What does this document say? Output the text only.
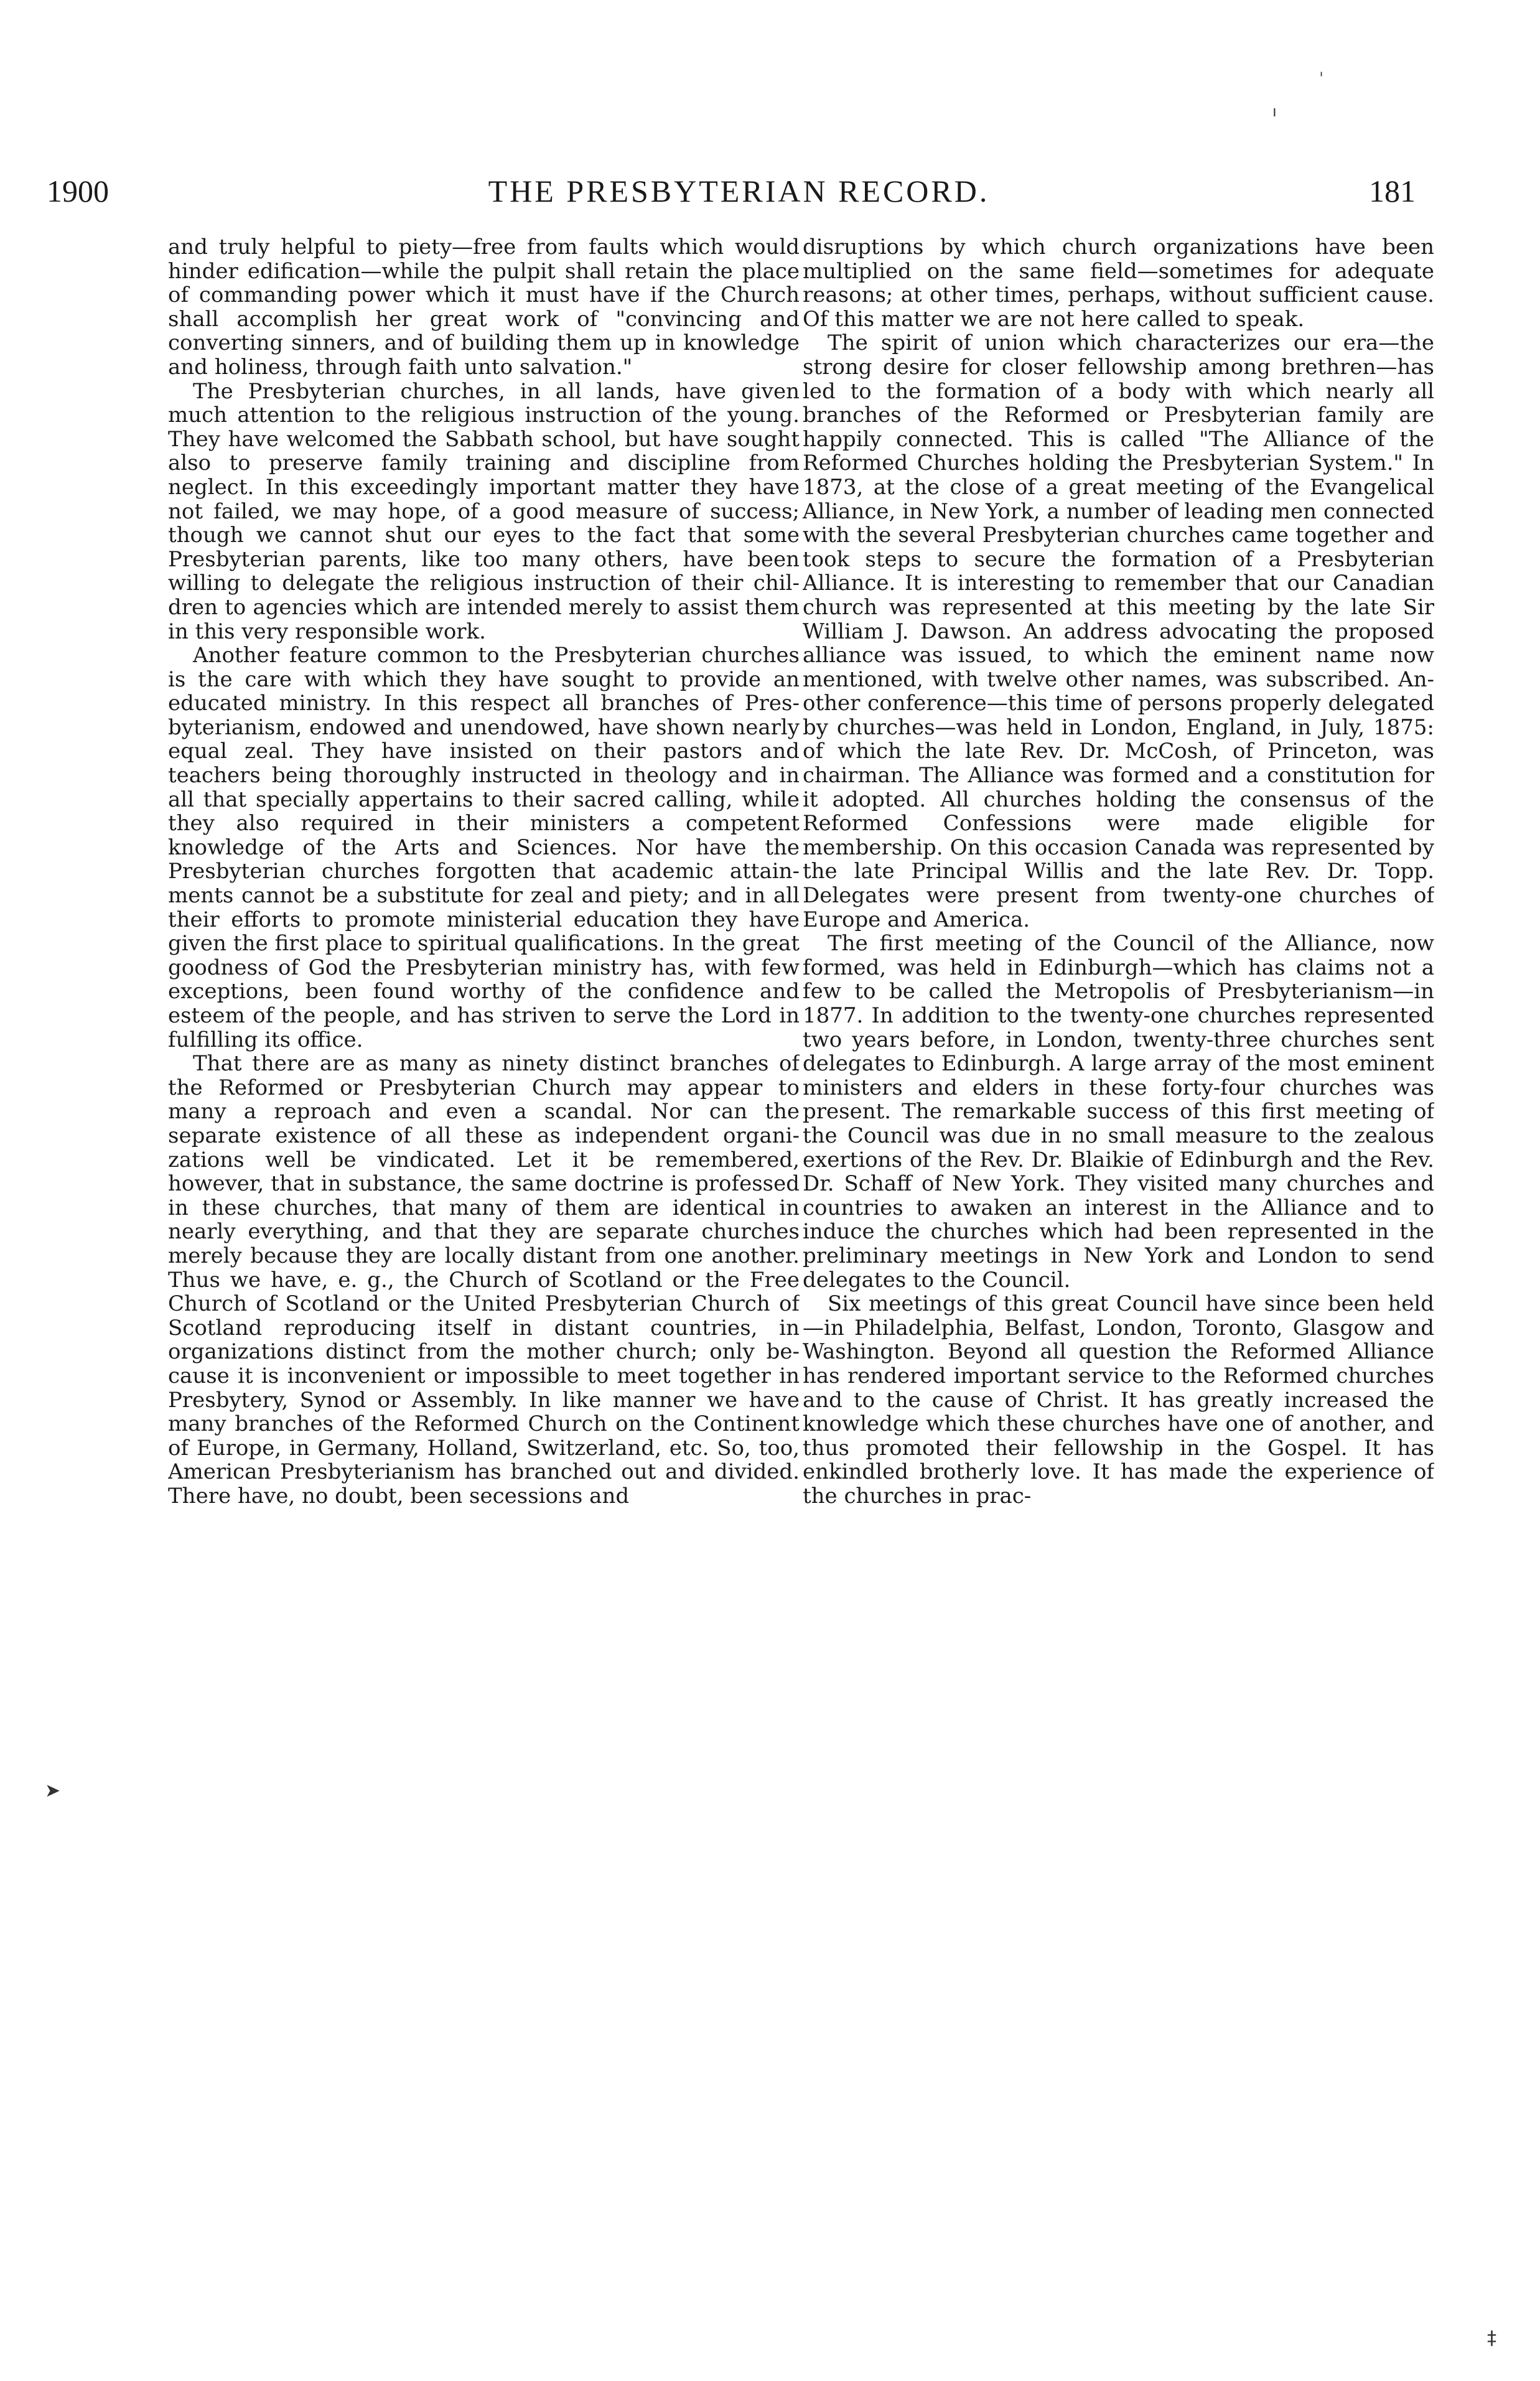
1900	THE PRESBYTERIAN RECORD.	181

and truly helpful to piety—free from faults which would hinder edification—while the pulpit shall retain the place of commanding power which it must have if the Church shall accomplish her great work of "convincing and converting sinners, and of building them up in knowledge and holiness, through faith unto salvation."

The Presbyterian churches, in all lands, have given much attention to the religious instruction of the young. They have welcomed the Sabbath school, but have sought also to preserve family training and discipline from neglect. In this exceedingly important matter they have not failed, we may hope, of a good measure of success; though we cannot shut our eyes to the fact that some Presbyterian parents, like too many others, have been willing to delegate the religious instruction of their children to agencies which are intended merely to assist them in this very responsible work.

Another feature common to the Presbyterian churches is the care with which they have sought to provide an educated ministry. In this respect all branches of Presbyterianism, endowed and unendowed, have shown nearly equal zeal. They have insisted on their pastors and teachers being thoroughly instructed in theology and in all that specially appertains to their sacred calling, while they also required in their ministers a competent knowledge of the Arts and Sciences. Nor have the Presbyterian churches forgotten that academic attainments cannot be a substitute for zeal and piety; and in all their efforts to promote ministerial education they have given the first place to spiritual qualifications. In the great goodness of God the Presbyterian ministry has, with few exceptions, been found worthy of the confidence and esteem of the people, and has striven to serve the Lord in fulfilling its office.

That there are as many as ninety distinct branches of the Reformed or Presbyterian Church may appear to many a reproach and even a scandal. Nor can the separate existence of all these as independent organizations well be vindicated. Let it be remembered, however, that in substance, the same doctrine is professed in these churches, that many of them are identical in nearly everything, and that they are separate churches merely because they are locally distant from one another. Thus we have, e. g., the Church of Scotland or the Free Church of Scotland or the United Presbyterian Church of Scotland reproducing itself in distant countries, in organizations distinct from the mother church; only because it is inconvenient or impossible to meet together in Presbytery, Synod or Assembly. In like manner we have many branches of the Reformed Church on the Continent of Europe, in Germany, Holland, Switzerland, etc. So, too, American Presbyterianism has branched out and divided. There have, no doubt, been secessions and

disruptions by which church organizations have been multiplied on the same field—sometimes for adequate reasons; at other times, perhaps, without sufficient cause. Of this matter we are not here called to speak.

The spirit of union which characterizes our era—the strong desire for closer fellowship among brethren—has led to the formation of a body with which nearly all branches of the Reformed or Presbyterian family are happily connected. This is called "The Alliance of the Reformed Churches holding the Presbyterian System." In 1873, at the close of a great meeting of the Evangelical Alliance, in New York, a number of leading men connected with the several Presbyterian churches came together and took steps to secure the formation of a Presbyterian Alliance. It is interesting to remember that our Canadian church was represented at this meeting by the late Sir William J. Dawson. An address advocating the proposed alliance was issued, to which the eminent name now mentioned, with twelve other names, was subscribed. Another conference—this time of persons properly delegated by churches—was held in London, England, in July, 1875: of which the late Rev. Dr. McCosh, of Princeton, was chairman. The Alliance was formed and a constitution for it adopted. All churches holding the consensus of the Reformed Confessions were made eligible for membership. On this occasion Canada was represented by the late Principal Willis and the late Rev. Dr. Topp. Delegates were present from twenty-one churches of Europe and America.

The first meeting of the Council of the Alliance, now formed, was held in Edinburgh—which has claims not a few to be called the Metropolis of Presbyterianism—in 1877. In addition to the twenty-one churches represented two years before, in London, twenty-three churches sent delegates to Edinburgh. A large array of the most eminent ministers and elders in these forty-four churches was present. The remarkable success of this first meeting of the Council was due in no small measure to the zealous exertions of the Rev. Dr. Blaikie of Edinburgh and the Rev. Dr. Schaff of New York. They visited many churches and countries to awaken an interest in the Alliance and to induce the churches which had been represented in the preliminary meetings in New York and London to send delegates to the Council.

Six meetings of this great Council have since been held—in Philadelphia, Belfast, London, Toronto, Glasgow and Washington. Beyond all question the Reformed Alliance has rendered important service to the Reformed churches and to the cause of Christ. It has greatly increased the knowledge which these churches have one of another, and thus promoted their fellowship in the Gospel. It has enkindled brotherly love. It has made the experience of the churches in prac-

ˈ
ı
➤
‡
